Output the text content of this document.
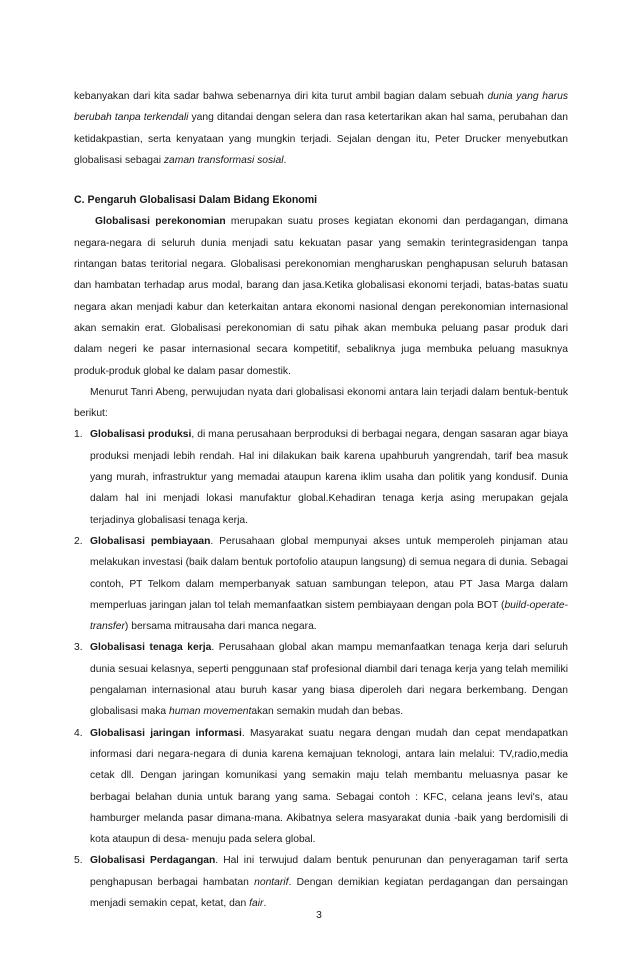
kebanyakan dari kita sadar bahwa sebenarnya diri kita turut ambil bagian dalam sebuah dunia yang harus berubah tanpa terkendali yang ditandai dengan selera dan rasa ketertarikan akan hal sama, perubahan dan ketidakpastian, serta kenyataan yang mungkin terjadi. Sejalan dengan itu, Peter Drucker menyebutkan globalisasi sebagai zaman transformasi sosial.

C. Pengaruh Globalisasi Dalam Bidang Ekonomi

Globalisasi perekonomian merupakan suatu proses kegiatan ekonomi dan perdagangan, dimana negara-negara di seluruh dunia menjadi satu kekuatan pasar yang semakin terintegrasidengan tanpa rintangan batas teritorial negara. Globalisasi perekonomian mengharuskan penghapusan seluruh batasan dan hambatan terhadap arus modal, barang dan jasa.Ketika globalisasi ekonomi terjadi, batas-batas suatu negara akan menjadi kabur dan keterkaitan antara ekonomi nasional dengan perekonomian internasional akan semakin erat. Globalisasi perekonomian di satu pihak akan membuka peluang pasar produk dari dalam negeri ke pasar internasional secara kompetitif, sebaliknya juga membuka peluang masuknya produk-produk global ke dalam pasar domestik.

Menurut Tanri Abeng, perwujudan nyata dari globalisasi ekonomi antara lain terjadi dalam bentuk-bentuk berikut:

1. Globalisasi produksi, di mana perusahaan berproduksi di berbagai negara, dengan sasaran agar biaya produksi menjadi lebih rendah. Hal ini dilakukan baik karena upahburuh yangrendah, tarif bea masuk yang murah, infrastruktur yang memadai ataupun karena iklim usaha dan politik yang kondusif. Dunia dalam hal ini menjadi lokasi manufaktur global.Kehadiran tenaga kerja asing merupakan gejala terjadinya globalisasi tenaga kerja.
2. Globalisasi pembiayaan. Perusahaan global mempunyai akses untuk memperoleh pinjaman atau melakukan investasi (baik dalam bentuk portofolio ataupun langsung) di semua negara di dunia. Sebagai contoh, PT Telkom dalam memperbanyak satuan sambungan telepon, atau PT Jasa Marga dalam memperluas jaringan jalan tol telah memanfaatkan sistem pembiayaan dengan pola BOT (build-operate-transfer) bersama mitrausaha dari manca negara.
3. Globalisasi tenaga kerja. Perusahaan global akan mampu memanfaatkan tenaga kerja dari seluruh dunia sesuai kelasnya, seperti penggunaan staf profesional diambil dari tenaga kerja yang telah memiliki pengalaman internasional atau buruh kasar yang biasa diperoleh dari negara berkembang. Dengan globalisasi maka human movementakan semakin mudah dan bebas.
4. Globalisasi jaringan informasi. Masyarakat suatu negara dengan mudah dan cepat mendapatkan informasi dari negara-negara di dunia karena kemajuan teknologi, antara lain melalui: TV,radio,media cetak dll. Dengan jaringan komunikasi yang semakin maju telah membantu meluasnya pasar ke berbagai belahan dunia untuk barang yang sama. Sebagai contoh : KFC, celana jeans levi's, atau hamburger melanda pasar dimana-mana. Akibatnya selera masyarakat dunia -baik yang berdomisili di kota ataupun di desa- menuju pada selera global.
5. Globalisasi Perdagangan. Hal ini terwujud dalam bentuk penurunan dan penyeragaman tarif serta penghapusan berbagai hambatan nontarif. Dengan demikian kegiatan perdagangan dan persaingan menjadi semakin cepat, ketat, dan fair.
3
